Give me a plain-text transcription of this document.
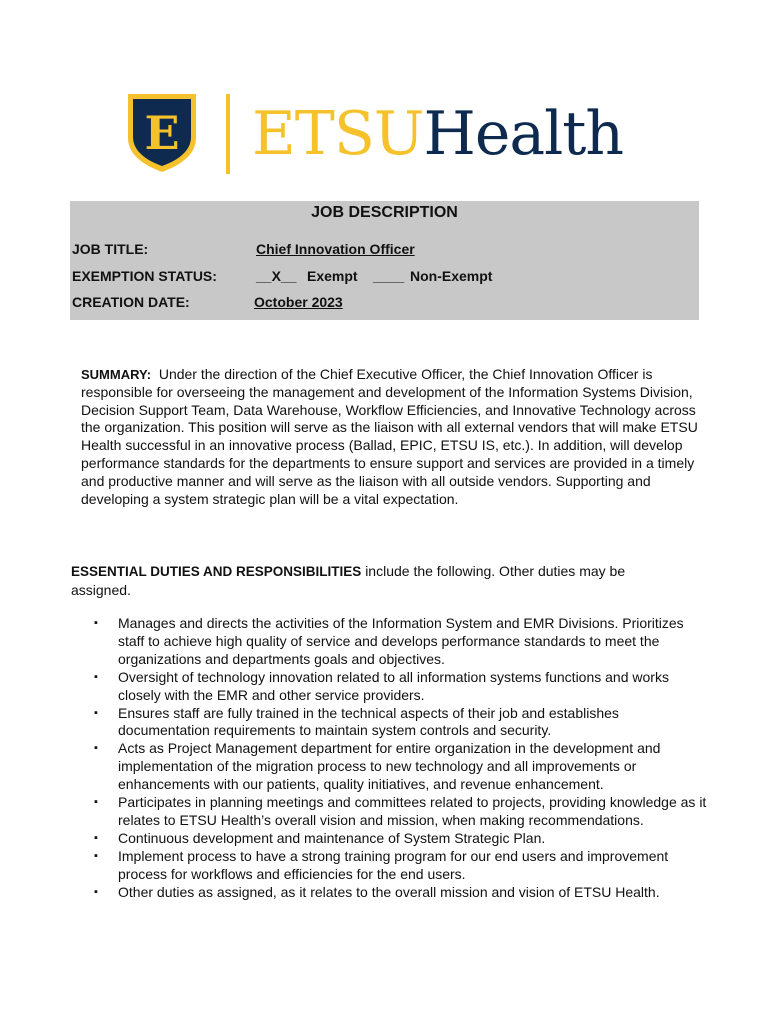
E ETSUHealth
JOB DESCRIPTION
JOB TITLE:	Chief Innovation Officer
EXEMPTION STATUS:	__X__ Exempt ____ Non-Exempt
CREATION DATE:	October 2023
SUMMARY: Under the direction of the Chief Executive Officer, the Chief Innovation Officer is responsible for overseeing the management and development of the Information Systems Division, Decision Support Team, Data Warehouse, Workflow Efficiencies, and Innovative Technology across the organization. This position will serve as the liaison with all external vendors that will make ETSU Health successful in an innovative process (Ballad, EPIC, ETSU IS, etc.). In addition, will develop performance standards for the departments to ensure support and services are provided in a timely and productive manner and will serve as the liaison with all outside vendors. Supporting and developing a system strategic plan will be a vital expectation.
ESSENTIAL DUTIES AND RESPONSIBILITIES include the following. Other duties may be assigned.
▪ Manages and directs the activities of the Information System and EMR Divisions. Prioritizes staff to achieve high quality of service and develops performance standards to meet the organizations and departments goals and objectives.
▪ Oversight of technology innovation related to all information systems functions and works closely with the EMR and other service providers.
▪ Ensures staff are fully trained in the technical aspects of their job and establishes documentation requirements to maintain system controls and security.
▪ Acts as Project Management department for entire organization in the development and implementation of the migration process to new technology and all improvements or enhancements with our patients, quality initiatives, and revenue enhancement.
▪ Participates in planning meetings and committees related to projects, providing knowledge as it relates to ETSU Health’s overall vision and mission, when making recommendations.
▪ Continuous development and maintenance of System Strategic Plan.
▪ Implement process to have a strong training program for our end users and improvement process for workflows and efficiencies for the end users.
▪ Other duties as assigned, as it relates to the overall mission and vision of ETSU Health.
